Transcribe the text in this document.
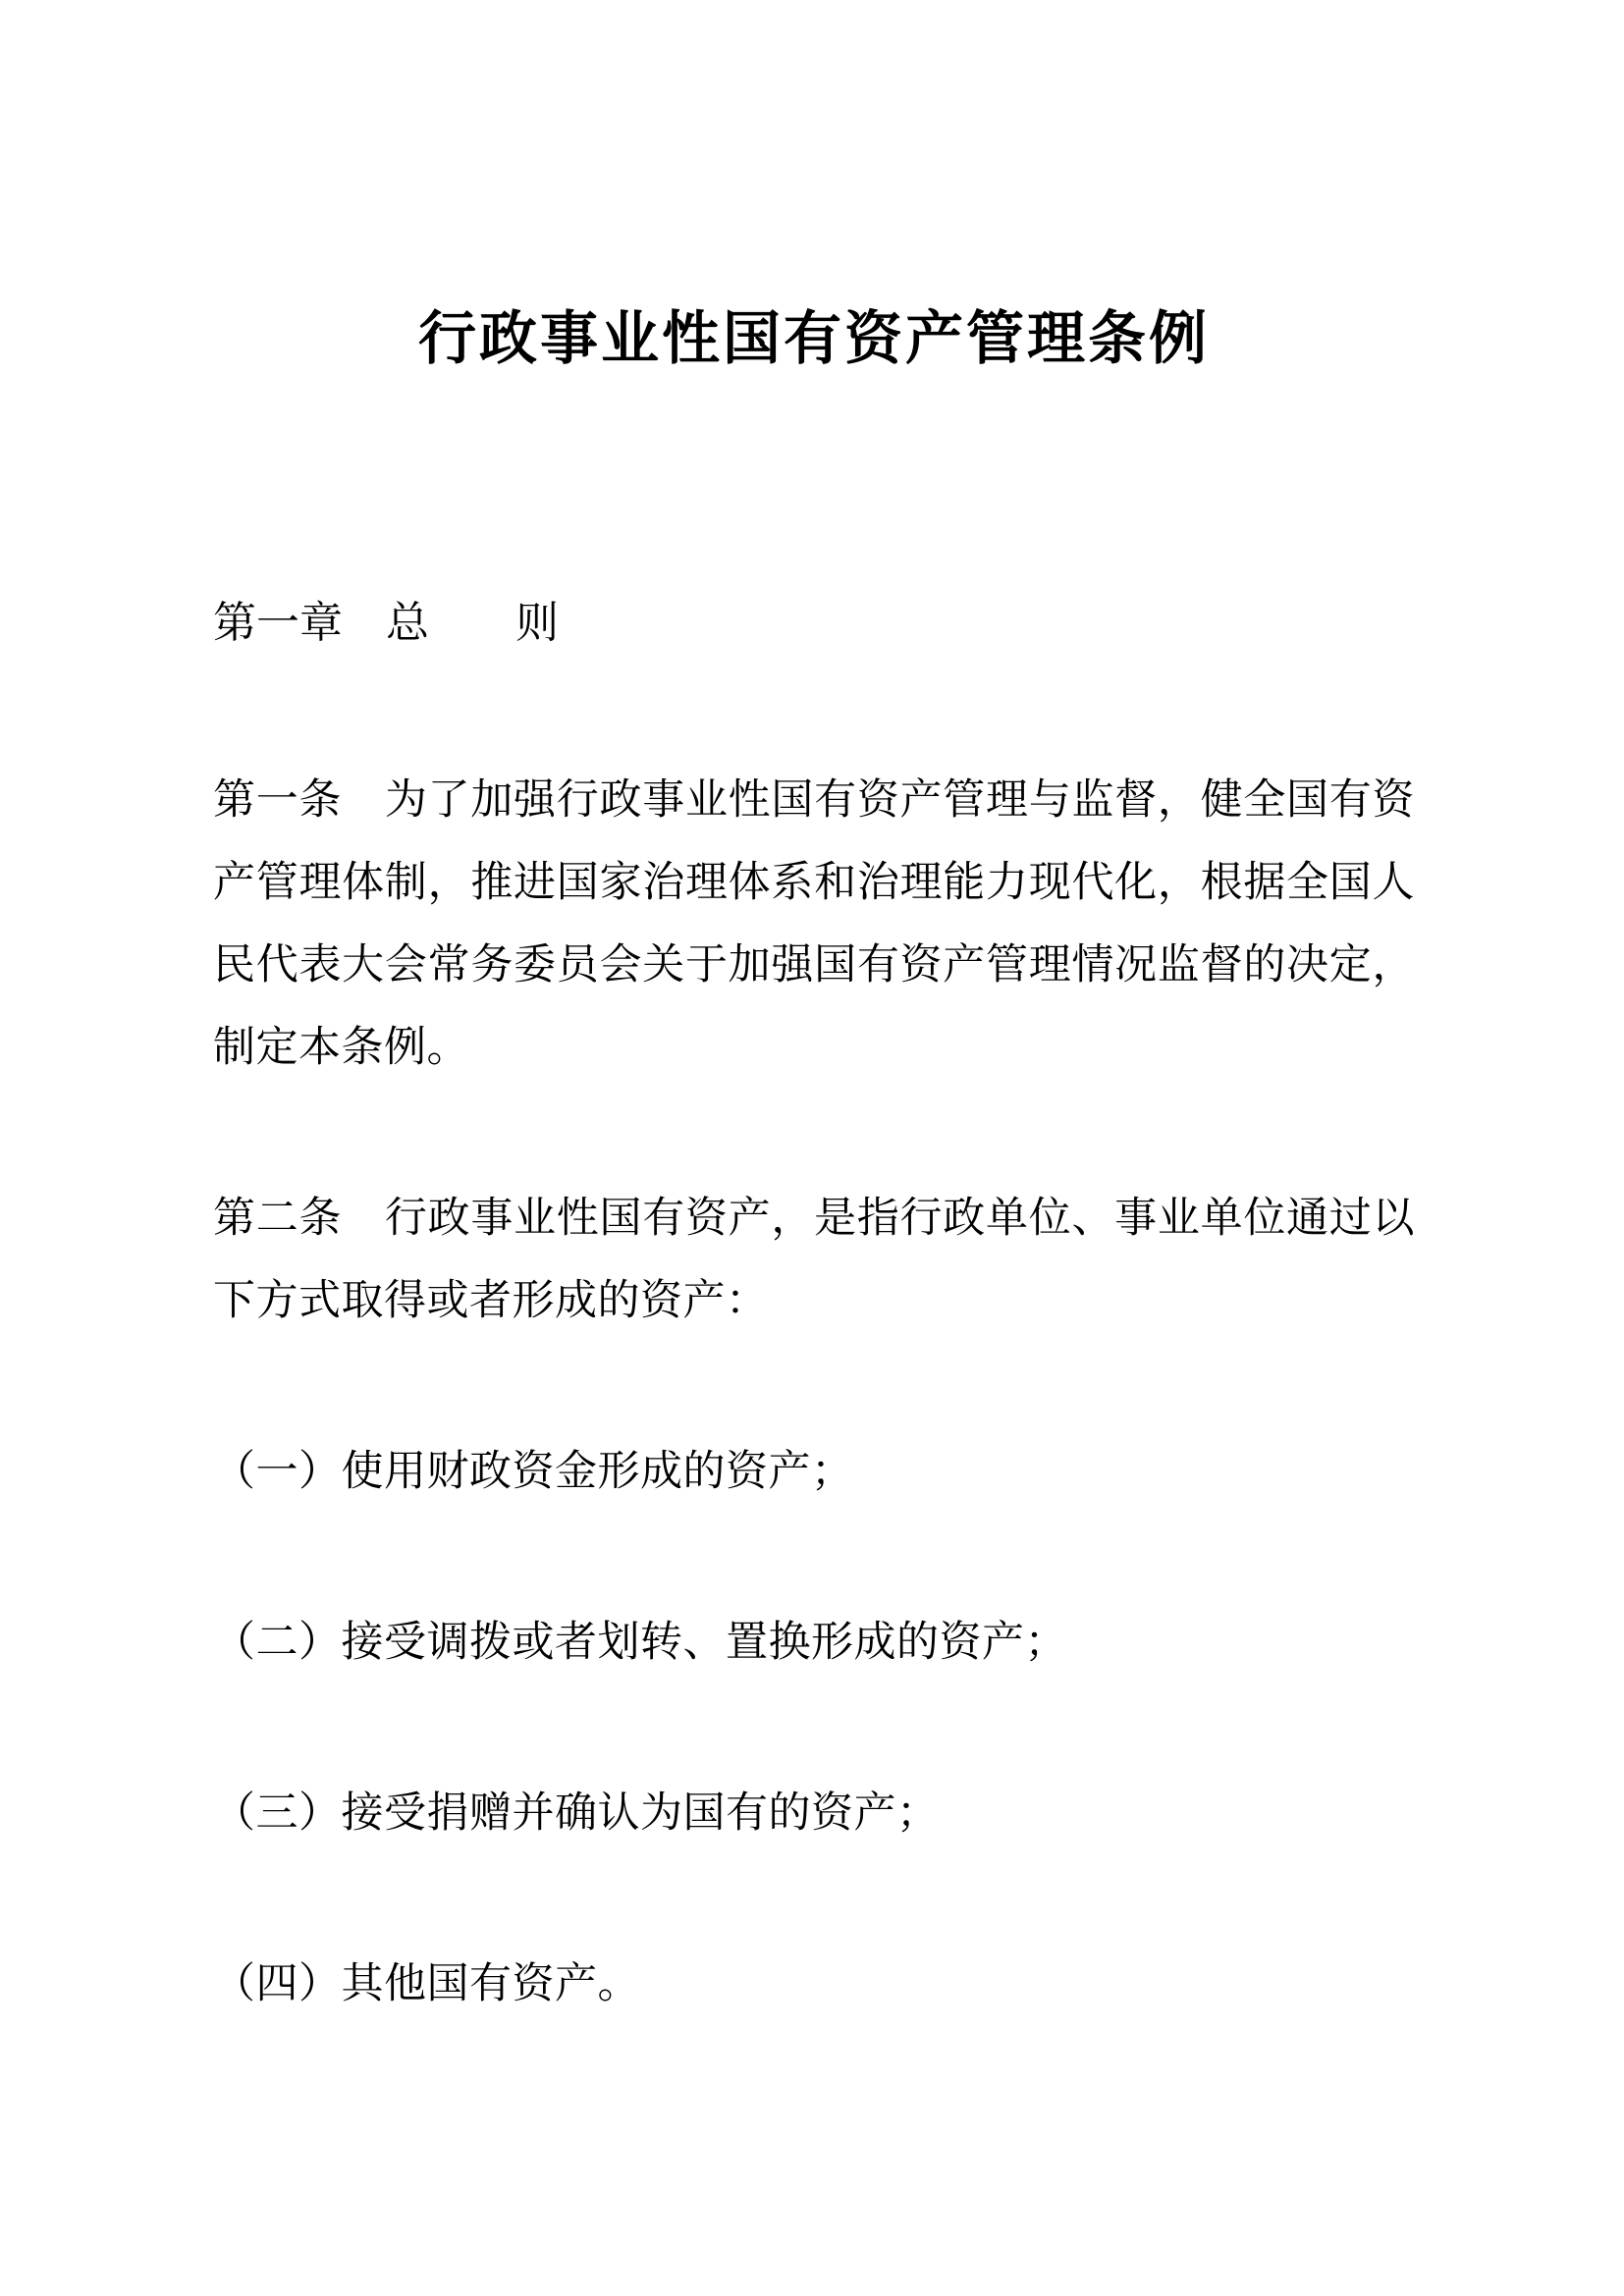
行政事业性国有资产管理条例
第一章　总　　则

第一条　为了加强行政事业性国有资产管理与监督，健全国有资产管理体制，推进国家治理体系和治理能力现代化，根据全国人民代表大会常务委员会关于加强国有资产管理情况监督的决定，制定本条例。

第二条　行政事业性国有资产，是指行政单位、事业单位通过以下方式取得或者形成的资产：

（一）使用财政资金形成的资产；

（二）接受调拨或者划转、置换形成的资产；

（三）接受捐赠并确认为国有的资产；

（四）其他国有资产。
